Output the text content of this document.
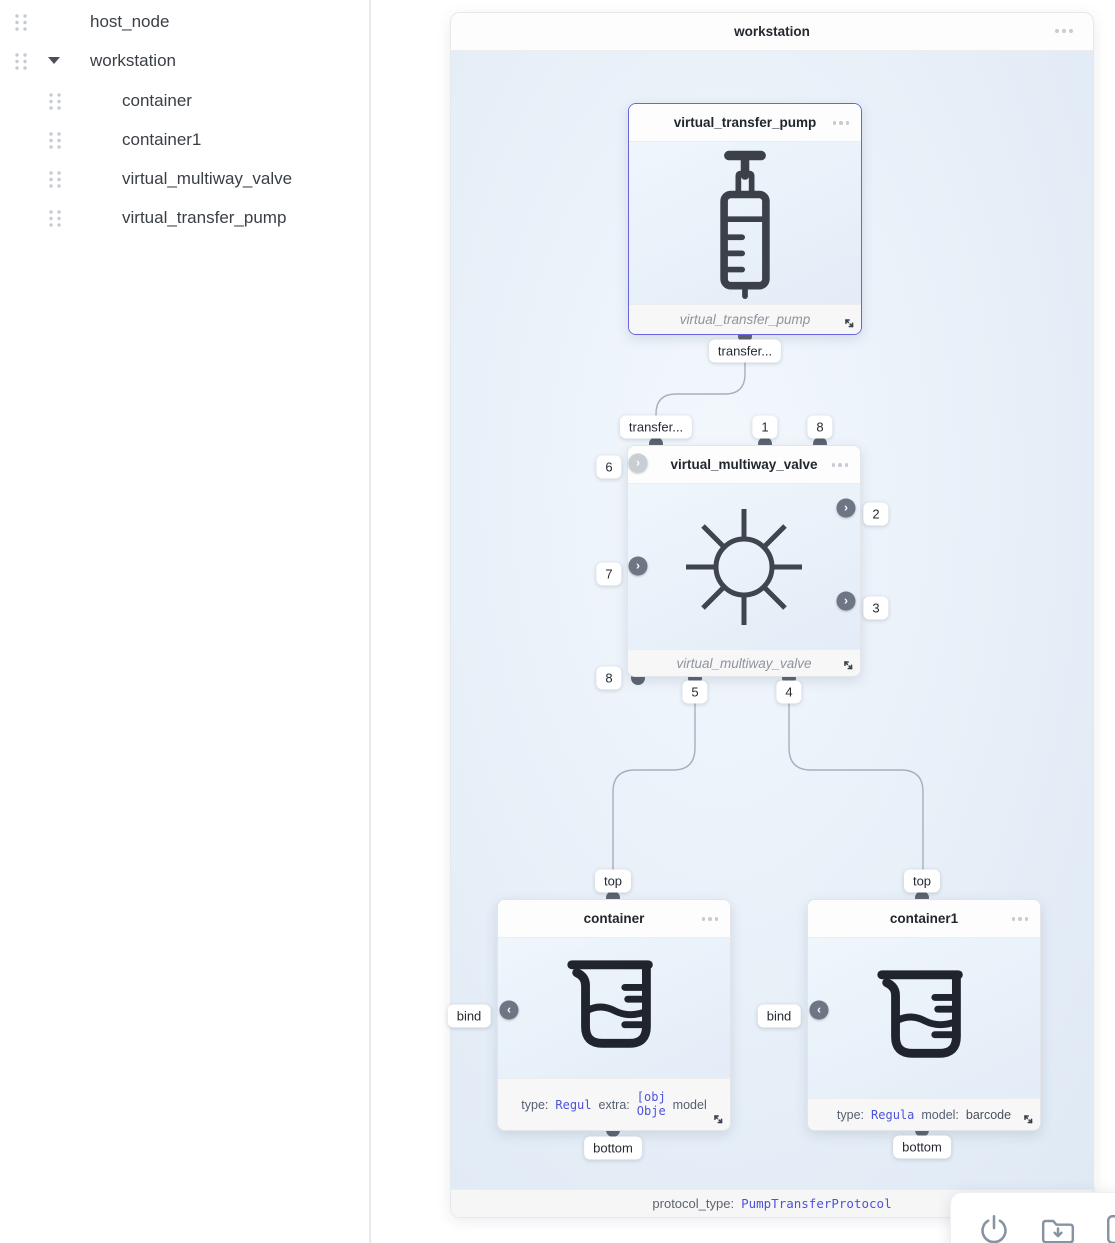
host_node
workstation
container
container1
virtual_multiway_valve
virtual_transfer_pump
workstation
protocol_type: PumpTransferProtocol
virtual_transfer_pump
virtual_transfer_pump
transfer...
virtual_multiway_valve
virtual_multiway_valve
›
›
›
›
transfer...	1	8
6
7
2
3
8
5	4
container
type: Regul extra:
[obj
Obje model
‹
top
bind
bottom
container1
type: Regula model: barcode
‹
top
bind
bottom
